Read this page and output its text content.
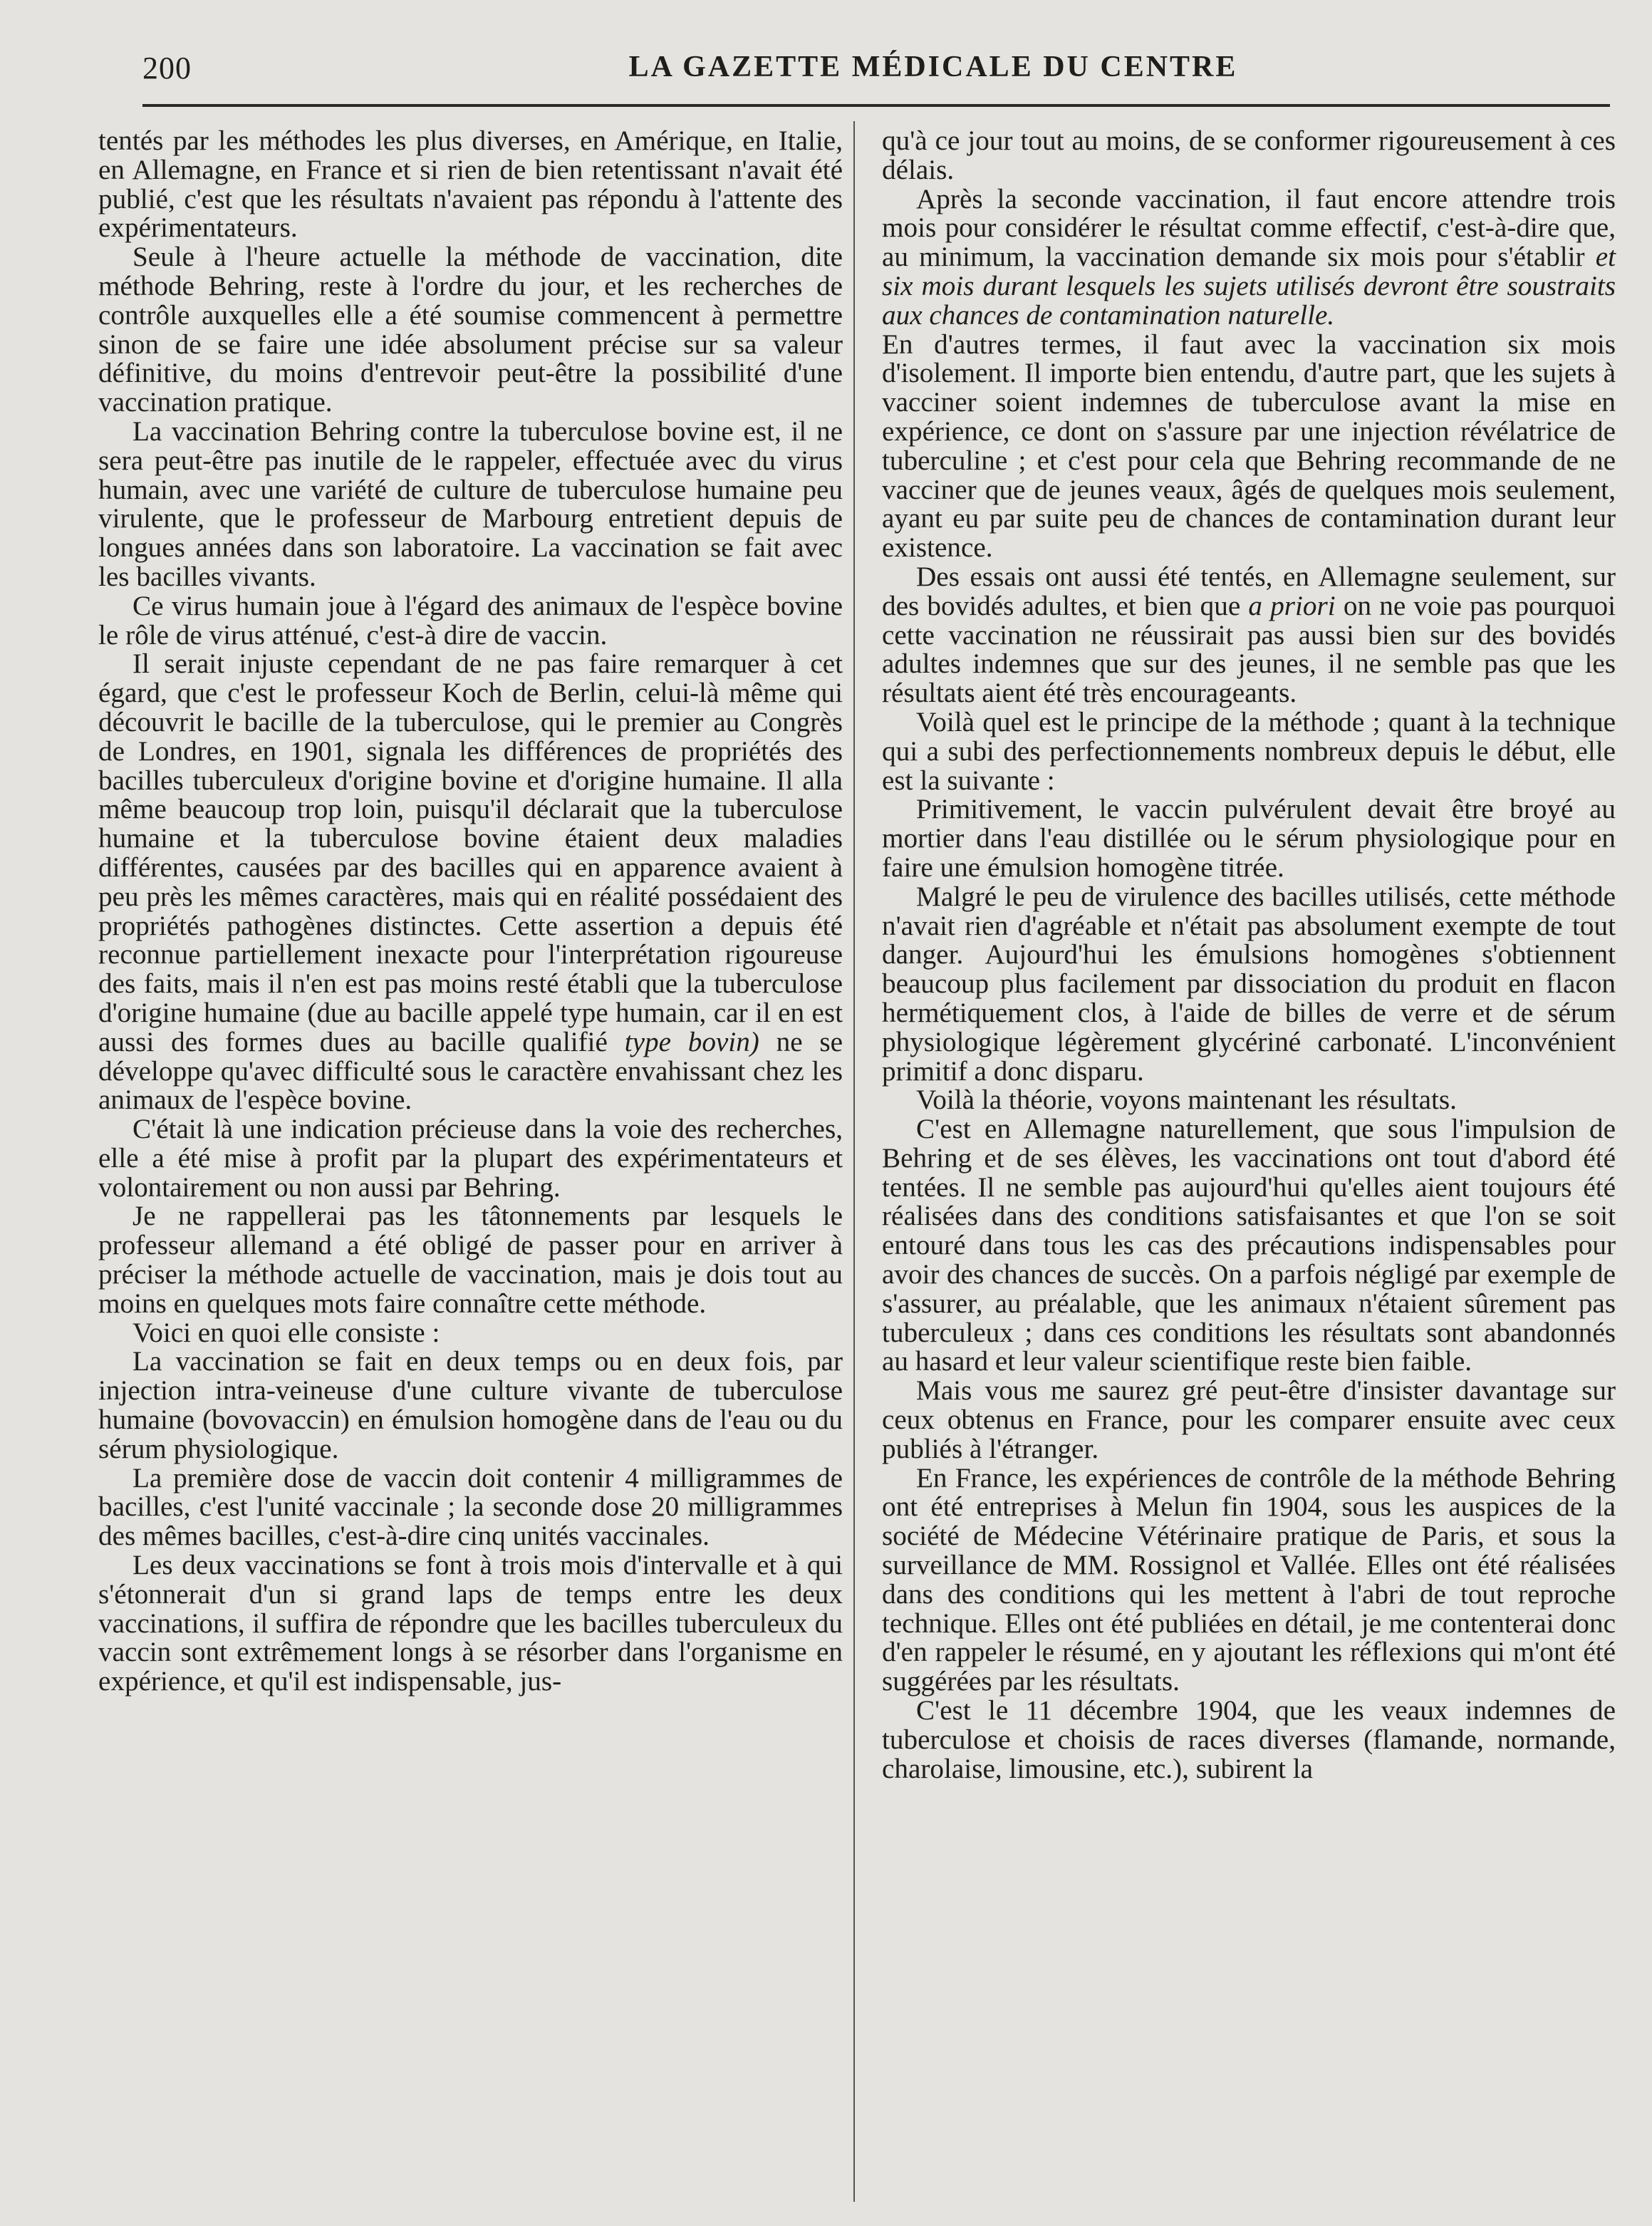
200	LA GAZETTE MÉDICALE DU CENTRE

tentés par les méthodes les plus diverses, en Amérique, en Italie, en Allemagne, en France et si rien de bien retentissant n'avait été publié, c'est que les résultats n'avaient pas répondu à l'attente des expérimentateurs.

Seule à l'heure actuelle la méthode de vaccination, dite méthode Behring, reste à l'ordre du jour, et les recherches de contrôle auxquelles elle a été soumise commencent à permettre sinon de se faire une idée absolument précise sur sa valeur définitive, du moins d'entrevoir peut-être la possibilité d'une vaccination pratique.

La vaccination Behring contre la tuberculose bovine est, il ne sera peut-être pas inutile de le rappeler, effectuée avec du virus humain, avec une variété de culture de tuberculose humaine peu virulente, que le professeur de Marbourg entretient depuis de longues années dans son laboratoire. La vaccination se fait avec les bacilles vivants.

Ce virus humain joue à l'égard des animaux de l'espèce bovine le rôle de virus atténué, c'est-à dire de vaccin.

Il serait injuste cependant de ne pas faire remarquer à cet égard, que c'est le professeur Koch de Berlin, celui-là même qui découvrit le bacille de la tuberculose, qui le premier au Congrès de Londres, en 1901, signala les différences de propriétés des bacilles tuberculeux d'origine bovine et d'origine humaine. Il alla même beaucoup trop loin, puisqu'il déclarait que la tuberculose humaine et la tuberculose bovine étaient deux maladies différentes, causées par des bacilles qui en apparence avaient à peu près les mêmes caractères, mais qui en réalité possédaient des propriétés pathogènes distinctes. Cette assertion a depuis été reconnue partiellement inexacte pour l'interprétation rigoureuse des faits, mais il n'en est pas moins resté établi que la tuberculose d'origine humaine (due au bacille appelé type humain, car il en est aussi des formes dues au bacille qualifié type bovin) ne se développe qu'avec difficulté sous le caractère envahissant chez les animaux de l'espèce bovine.

C'était là une indication précieuse dans la voie des recherches, elle a été mise à profit par la plupart des expérimentateurs et volontairement ou non aussi par Behring.

Je ne rappellerai pas les tâtonnements par lesquels le professeur allemand a été obligé de passer pour en arriver à préciser la méthode actuelle de vaccination, mais je dois tout au moins en quelques mots faire connaître cette méthode.

Voici en quoi elle consiste :

La vaccination se fait en deux temps ou en deux fois, par injection intra-veineuse d'une culture vivante de tuberculose humaine (bovovaccin) en émulsion homogène dans de l'eau ou du sérum physiologique.

La première dose de vaccin doit contenir 4 milligrammes de bacilles, c'est l'unité vaccinale ; la seconde dose 20 milligrammes des mêmes bacilles, c'est-à-dire cinq unités vaccinales.

Les deux vaccinations se font à trois mois d'intervalle et à qui s'étonnerait d'un si grand laps de temps entre les deux vaccinations, il suffira de répondre que les bacilles tuberculeux du vaccin sont extrêmement longs à se résorber dans l'organisme en expérience, et qu'il est indispensable, jus-

qu'à ce jour tout au moins, de se conformer rigoureusement à ces délais.

Après la seconde vaccination, il faut encore attendre trois mois pour considérer le résultat comme effectif, c'est-à-dire que, au minimum, la vaccination demande six mois pour s'établir et six mois durant lesquels les sujets utilisés devront être soustraits aux chances de contamination naturelle.

En d'autres termes, il faut avec la vaccination six mois d'isolement. Il importe bien entendu, d'autre part, que les sujets à vacciner soient indemnes de tuberculose avant la mise en expérience, ce dont on s'assure par une injection révélatrice de tuberculine ; et c'est pour cela que Behring recommande de ne vacciner que de jeunes veaux, âgés de quelques mois seulement, ayant eu par suite peu de chances de contamination durant leur existence.

Des essais ont aussi été tentés, en Allemagne seulement, sur des bovidés adultes, et bien que a priori on ne voie pas pourquoi cette vaccination ne réussirait pas aussi bien sur des bovidés adultes indemnes que sur des jeunes, il ne semble pas que les résultats aient été très encourageants.

Voilà quel est le principe de la méthode ; quant à la technique qui a subi des perfectionnements nombreux depuis le début, elle est la suivante :

Primitivement, le vaccin pulvérulent devait être broyé au mortier dans l'eau distillée ou le sérum physiologique pour en faire une émulsion homogène titrée.

Malgré le peu de virulence des bacilles utilisés, cette méthode n'avait rien d'agréable et n'était pas absolument exempte de tout danger. Aujourd'hui les émulsions homogènes s'obtiennent beaucoup plus facilement par dissociation du produit en flacon hermétiquement clos, à l'aide de billes de verre et de sérum physiologique légèrement glycériné carbonaté. L'inconvénient primitif a donc disparu.

Voilà la théorie, voyons maintenant les résultats.

C'est en Allemagne naturellement, que sous l'impulsion de Behring et de ses élèves, les vaccinations ont tout d'abord été tentées. Il ne semble pas aujourd'hui qu'elles aient toujours été réalisées dans des conditions satisfaisantes et que l'on se soit entouré dans tous les cas des précautions indispensables pour avoir des chances de succès. On a parfois négligé par exemple de s'assurer, au préalable, que les animaux n'étaient sûrement pas tuberculeux ; dans ces conditions les résultats sont abandonnés au hasard et leur valeur scientifique reste bien faible.

Mais vous me saurez gré peut-être d'insister davantage sur ceux obtenus en France, pour les comparer ensuite avec ceux publiés à l'étranger.

En France, les expériences de contrôle de la méthode Behring ont été entreprises à Melun fin 1904, sous les auspices de la société de Médecine Vétérinaire pratique de Paris, et sous la surveillance de MM. Rossignol et Vallée. Elles ont été réalisées dans des conditions qui les mettent à l'abri de tout reproche technique. Elles ont été publiées en détail, je me contenterai donc d'en rappeler le résumé, en y ajoutant les réflexions qui m'ont été suggérées par les résultats.

C'est le 11 décembre 1904, que les veaux indemnes de tuberculose et choisis de races diverses (flamande, normande, charolaise, limousine, etc.), subirent la
